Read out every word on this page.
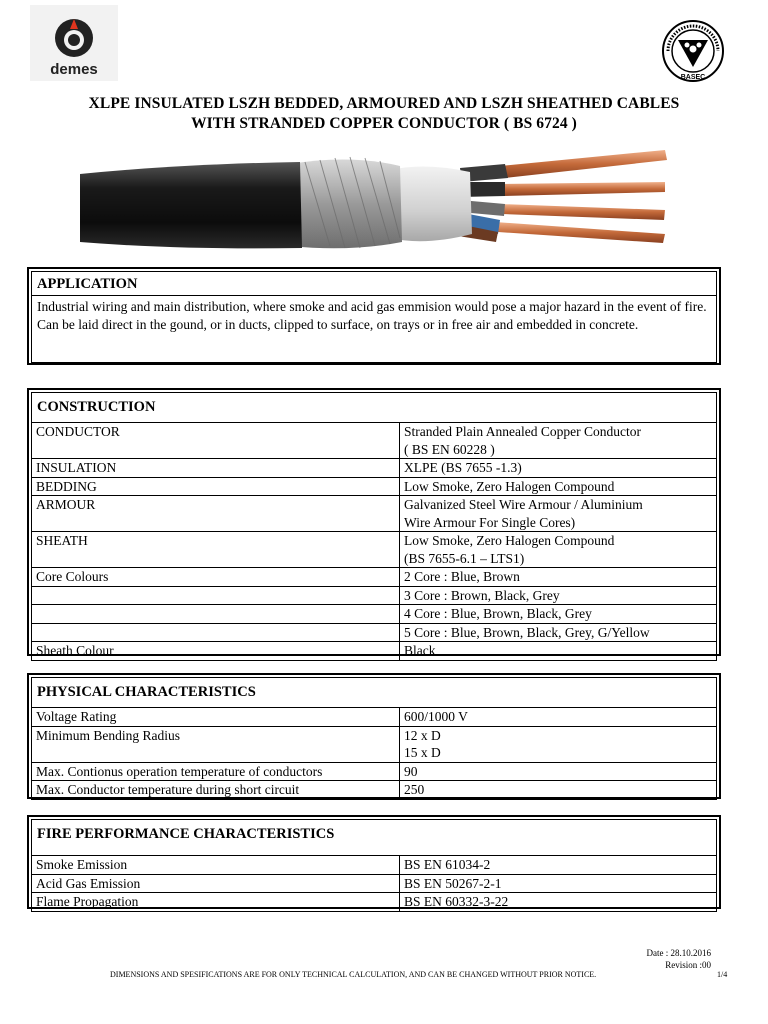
demes	BASEC
XLPE INSULATED LSZH BEDDED, ARMOURED AND LSZH SHEATHED CABLES
WITH STRANDED COPPER CONDUCTOR ( BS 6724 )
APPLICATION
Industrial wiring and main distribution, where smoke and acid gas emmision would pose a major hazard in the event of fire. Can be laid direct in the gound, or in ducts, clipped to surface, on trays or in free air and embedded in concrete.
CONSTRUCTION
CONDUCTOR	Stranded Plain Annealed Copper Conductor
( BS EN 60228 )

INSULATION	XLPE (BS 7655 -1.3)

BEDDING	Low Smoke, Zero Halogen Compound

ARMOUR	Galvanized Steel Wire Armour / Aluminium
Wire Armour For Single Cores)

SHEATH	Low Smoke, Zero Halogen Compound
(BS 7655-6.1 – LTS1)

Core Colours	2 Core : Blue, Brown

	3 Core : Brown, Black, Grey

	4 Core : Blue, Brown, Black, Grey

	5 Core : Blue, Brown, Black, Grey, G/Yellow

Sheath Colour	Black
PHYSICAL CHARACTERISTICS
Voltage Rating	600/1000 V

Minimum Bending Radius	12 x D
15 x D

Max. Contionus operation temperature of conductors	90

Max. Conductor temperature during short circuit	250
FIRE PERFORMANCE CHARACTERISTICS
Smoke Emission	BS EN 61034-2

Acid Gas Emission	BS EN 50267-2-1

Flame Propagation	BS EN 60332-3-22
Date : 28.10.2016
Revision :00
DIMENSIONS AND SPESIFICATIONS ARE FOR ONLY TECHNICAL CALCULATION, AND CAN BE CHANGED WITHOUT PRIOR NOTICE.	1/4
